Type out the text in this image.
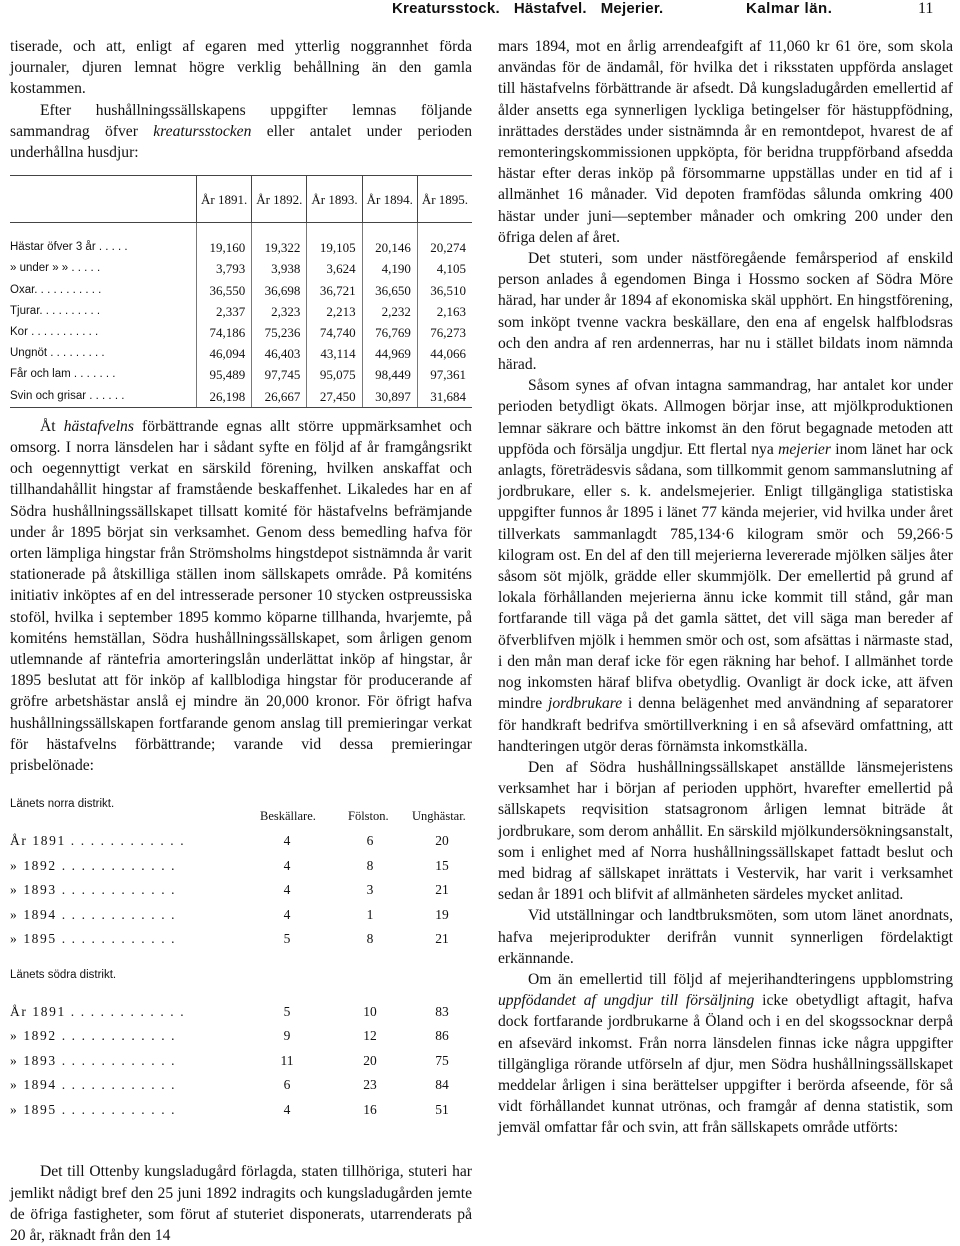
Kreatursstock. Hästafvel. Mejerier.	Kalmar län.	11

tiserade, och att, enligt af egaren med ytterlig noggrannhet förda journaler, djuren lemnat högre verklig behållning än den gamla kostammen.

Efter hushållningssällskapens uppgifter lemnas följande sammandrag öfver kreatursstocken eller antalet under perioden underhållna husdjur:

	År 1891.	År 1892.	År 1893.	År 1894.	År 1895.

Hästar öfver 3 år . . . . .	19,160	19,322	19,105	20,146	20,274
» under » » . . . . .	3,793	3,938	3,624	4,190	4,105
Oxar. . . . . . . . . . .	36,550	36,698	36,721	36,650	36,510
Tjurar. . . . . . . . . .	2,337	2,323	2,213	2,232	2,163
Kor . . . . . . . . . . .	74,186	75,236	74,740	76,769	76,273
Ungnöt . . . . . . . . .	46,094	46,403	43,114	44,969	44,066
Får och lam . . . . . . .	95,489	97,745	95,075	98,449	97,361
Svin och grisar . . . . . .	26,198	26,667	27,450	30,897	31,684

Åt hästafvelns förbättrande egnas allt större uppmärksamhet och omsorg. I norra länsdelen har i sådant syfte en följd af år framgångsrikt och oegennyttigt verkat en särskild förening, hvilken anskaffat och tillhandahållit hingstar af framstående beskaffenhet. Likaledes har en af Södra hushållningssällskapet tillsatt komité för hästafvelns befrämjande under år 1895 börjat sin verksamhet. Genom dess bemedling hafva för orten lämpliga hingstar från Strömsholms hingstdepot sistnämnda år varit stationerade på åtskilliga ställen inom sällskapets område. På komiténs initiativ inköptes af en del intresserade personer 10 stycken ostpreussiska stoföl, hvilka i september 1895 kommo köparne tillhanda, hvarjemte, på komiténs hemställan, Södra hushållningssällskapet, som årligen genom utlemnande af räntefria amorteringslån underlättat inköp af hingstar, år 1895 beslutat att för inköp af kallblodiga hingstar för producerande af gröfre arbetshästar anslå ej mindre än 20,000 kronor. För öfrigt hafva hushållningssällskapen fortfarande genom anslag till premieringar verkat för hästafvelns förbättrande; varande vid dessa premieringar prisbelönade:

Länets norra distrikt.
Beskällare.	Fölston. Unghästar.
År 1891 . . . . . . . . . . . .	4	6	20
» 1892 . . . . . . . . . . . .	4	8	15
» 1893 . . . . . . . . . . . .	4	3	21
» 1894 . . . . . . . . . . . .	4	1	19
» 1895 . . . . . . . . . . . .	5	8	21
Länets södra distrikt.
År 1891 . . . . . . . . . . . .	5	10	83
» 1892 . . . . . . . . . . . .	9	12	86
» 1893 . . . . . . . . . . . .	11	20	75
» 1894 . . . . . . . . . . . .	6	23	84
» 1895 . . . . . . . . . . . .	4	16	51

Det till Ottenby kungsladugård förlagda, staten tillhöriga, stuteri har jemlikt nådigt bref den 25 juni 1892 indragits och kungsladugården jemte de öfriga fastigheter, som förut af stuteriet disponerats, utarrenderats på 20 år, räknadt från den 14

mars 1894, mot en årlig arrendeafgift af 11,060 kr 61 öre, som skola användas för de ändamål, för hvilka det i riksstaten uppförda anslaget till hästafvelns förbättrande är afsedt. Då kungsladugården emellertid af ålder ansetts ega synnerligen lyckliga betingelser för hästuppfödning, inrättades derstädes under sistnämnda år en remontdepot, hvarest de af remonteringskommissionen uppköpta, för beridna truppförband afsedda hästar efter deras inköp på försommarne uppställas under en tid af i allmänhet 16 månader. Vid depoten framfödas sålunda omkring 400 hästar under juni—september månader och omkring 200 under den öfriga delen af året.

Det stuteri, som under nästföregående femårsperiod af enskild person anlades å egendomen Binga i Hossmo socken af Södra Möre härad, har under år 1894 af ekonomiska skäl upphört. En hingstförening, som inköpt tvenne vackra beskällare, den ena af engelsk halfblodsras och den andra af ren ardennerras, har nu i stället bildats inom nämnda härad.

Såsom synes af ofvan intagna sammandrag, har antalet kor under perioden betydligt ökats. Allmogen börjar inse, att mjölkproduktionen lemnar säkrare och bättre inkomst än den förut begagnade metoden att uppföda och försälja ungdjur. Ett flertal nya mejerier inom länet har ock anlagts, företrädesvis sådana, som tillkommit genom sammanslutning af jordbrukare, eller s. k. andelsmejerier. Enligt tillgängliga statistiska uppgifter funnos år 1895 i länet 77 kända mejerier, vid hvilka under året tillverkats sammanlagdt 785,134·6 kilogram smör och 59,266·5 kilogram ost. En del af den till mejerierna levererade mjölken säljes åter såsom söt mjölk, grädde eller skummjölk. Der emellertid på grund af lokala förhållanden mejerierna ännu icke kommit till stånd, går man fortfarande till väga på det gamla sättet, det vill säga man bereder af öfverblifven mjölk i hemmen smör och ost, som afsättas i närmaste stad, i den mån man deraf icke för egen räkning har behof. I allmänhet torde nog inkomsten häraf blifva obetydlig. Ovanligt är dock icke, att äfven mindre jordbrukare i denna belägenhet med användning af separatorer för handkraft bedrifva smörtillverkning i en så afsevärd omfattning, att handteringen utgör deras förnämsta inkomstkälla.

Den af Södra hushållningssällskapet anställde länsmejeristens verksamhet har i början af perioden upphört, hvarefter emellertid på sällskapets reqvisition statsagronom årligen lemnat biträde åt jordbrukare, som derom anhållit. En särskild mjölkundersökningsanstalt, som i enlighet med af Norra hushållningssällskapet fattadt beslut och med bidrag af sällskapet inrättats i Vestervik, har varit i verksamhet sedan år 1891 och blifvit af allmänheten särdeles mycket anlitad.

Vid utställningar och landtbruksmöten, som utom länet anordnats, hafva mejeriprodukter derifrån vunnit synnerligen fördelaktigt erkännande.

Om än emellertid till följd af mejerihandteringens uppblomstring uppfödandet af ungdjur till försäljning icke obetydligt aftagit, hafva dock fortfarande jordbrukarne å Öland och i en del skogssocknar derpå en afsevärd inkomst. Från norra länsdelen finnas icke några uppgifter tillgängliga rörande utförseln af djur, men Södra hushållningssällskapet meddelar årligen i sina berättelser uppgifter i berörda afseende, för så vidt förhållandet kunnat utrönas, och framgår af denna statistik, som jemväl omfattar får och svin, att från sällskapets område utförts:
